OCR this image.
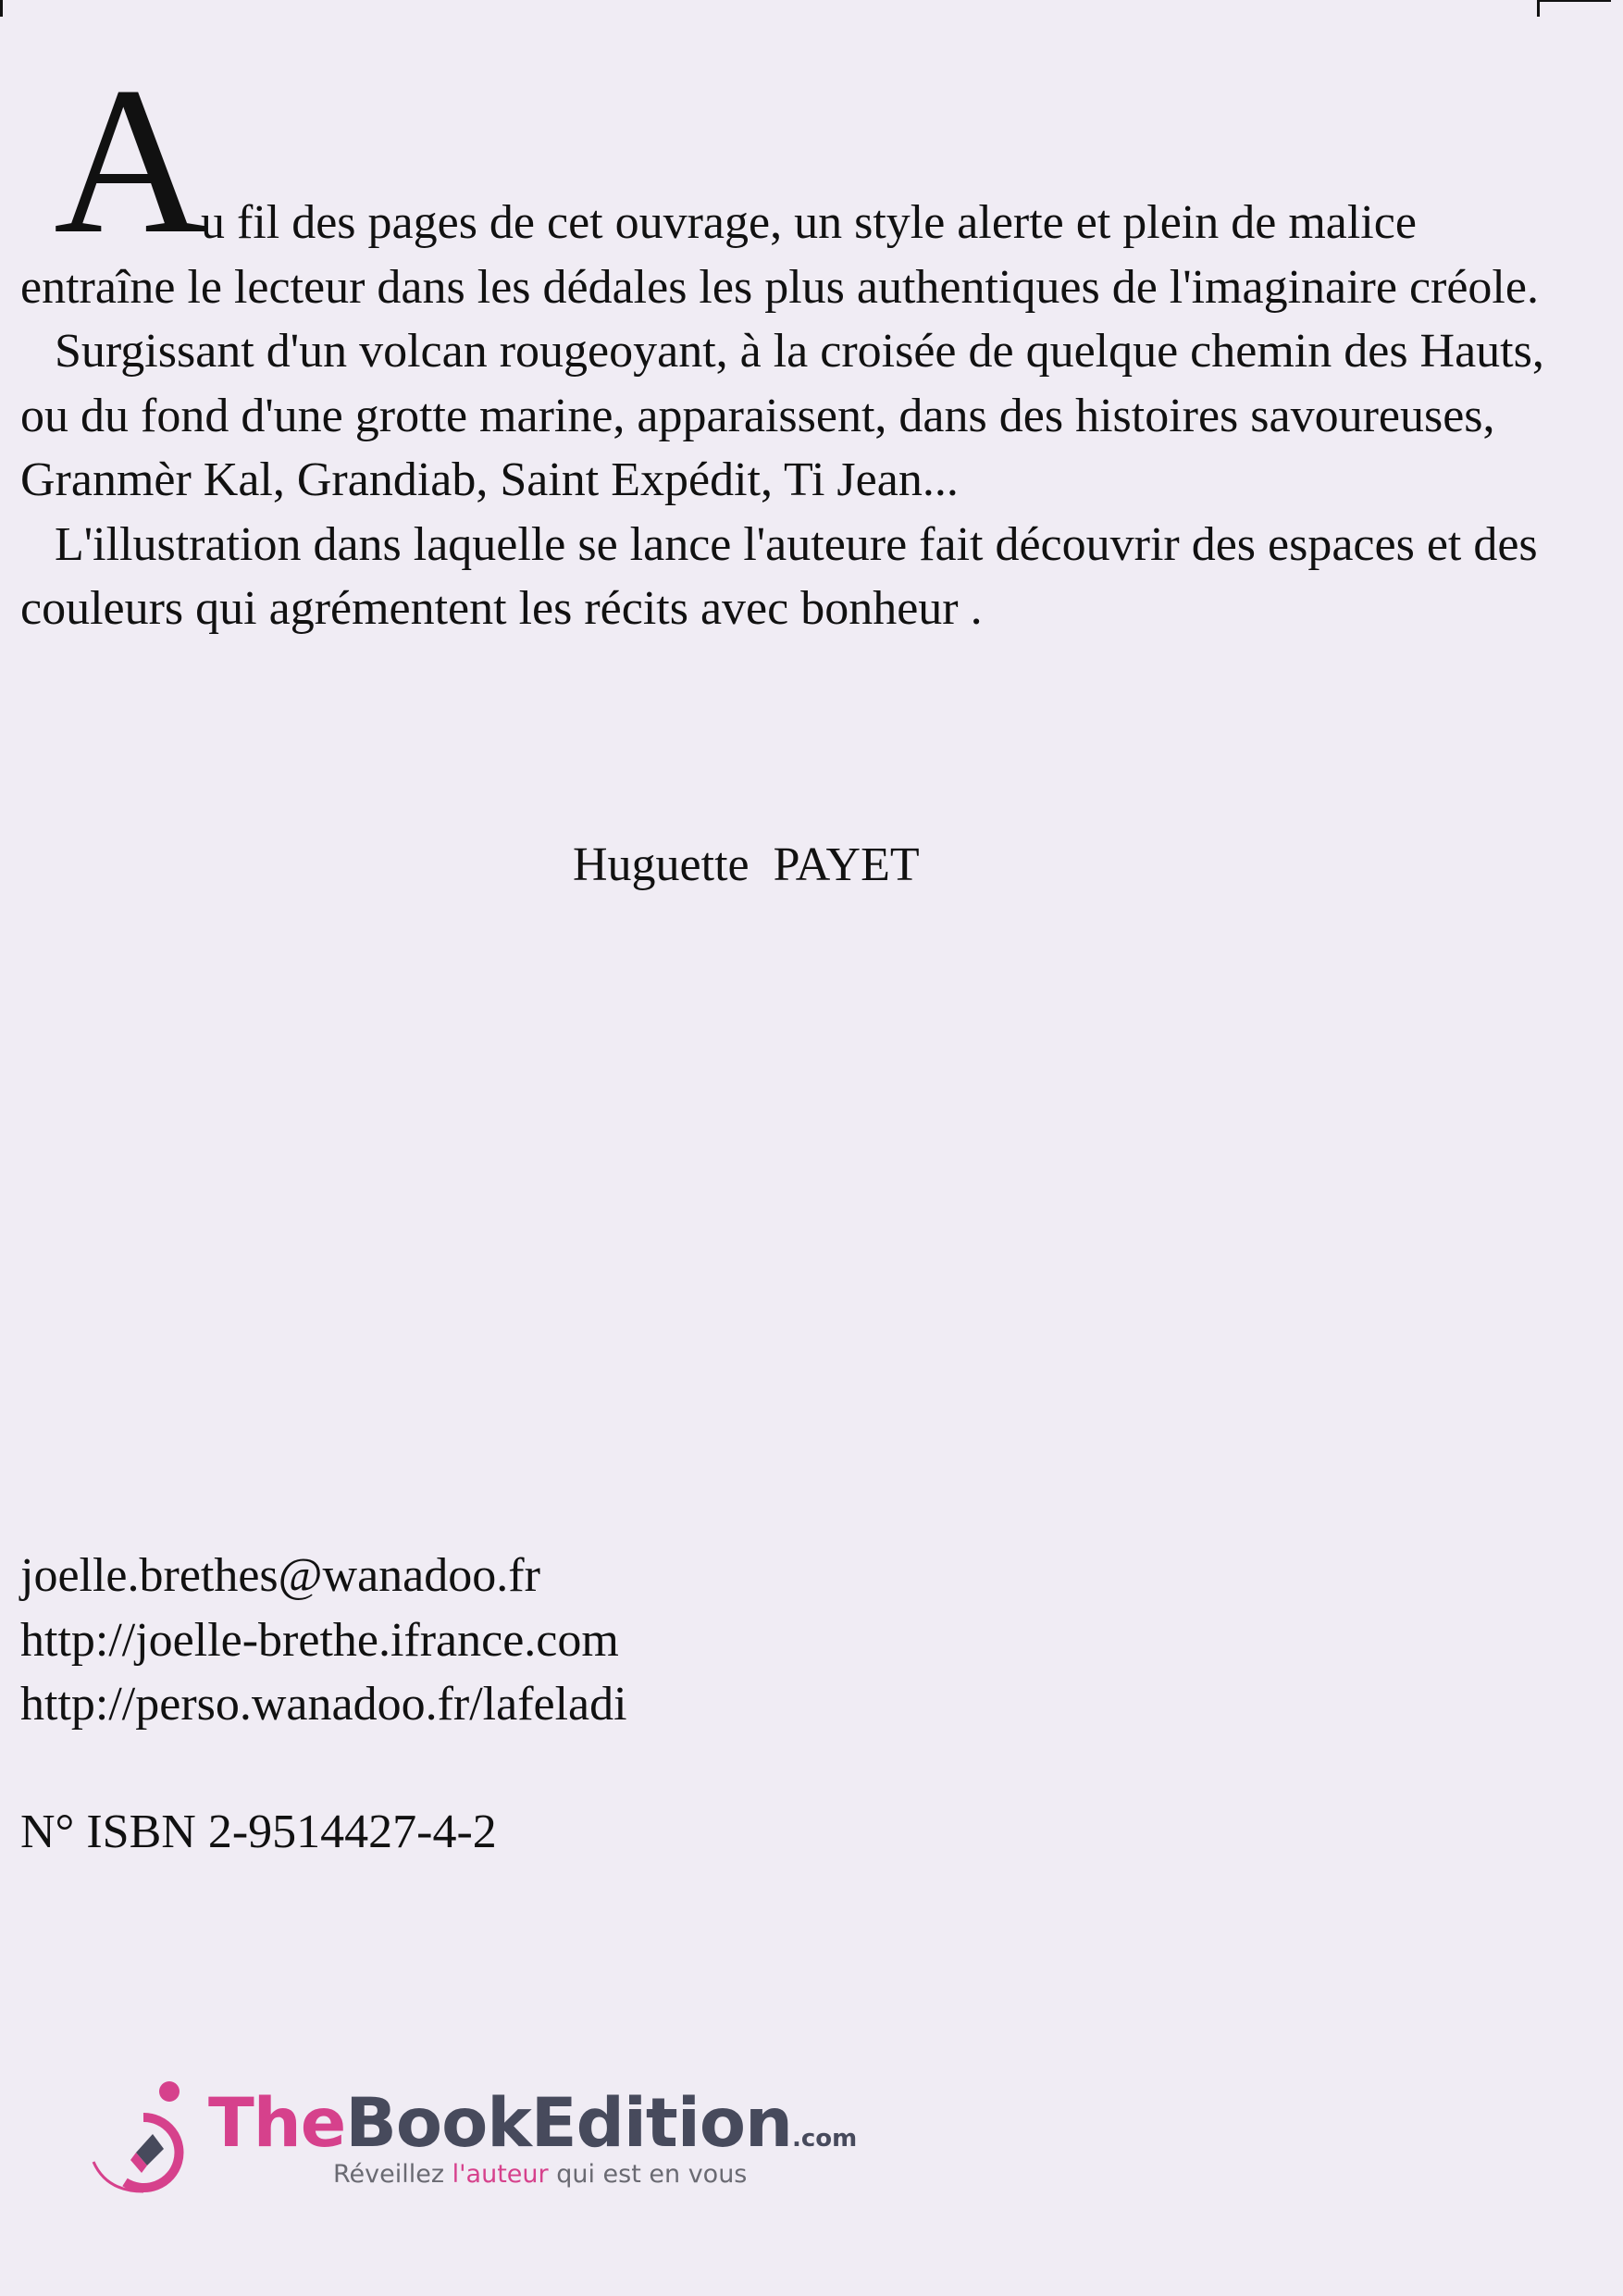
A
u fil des pages de cet ouvrage, un style alerte et plein de malice entraîne le lecteur dans les dédales les plus authentiques de l'imaginaire créole.

Surgissant d'un volcan rougeoyant, à la croisée de quelque chemin des Hauts, ou du fond d'une grotte marine, apparaissent, dans des histoires savoureuses, Granmèr Kal, Grandiab, Saint Expédit, Ti Jean...

L'illustration dans laquelle se lance l'auteure fait découvrir des espaces et des couleurs qui agrémentent les récits avec bonheur .

Huguette  PAYET
joelle.brethes@wanadoo.fr
http://joelle-brethe.ifrance.com
http://perso.wanadoo.fr/lafeladi
N° ISBN 2-9514427-4-2
TheBookEdition.com
Réveillez l'auteur qui est en vous
